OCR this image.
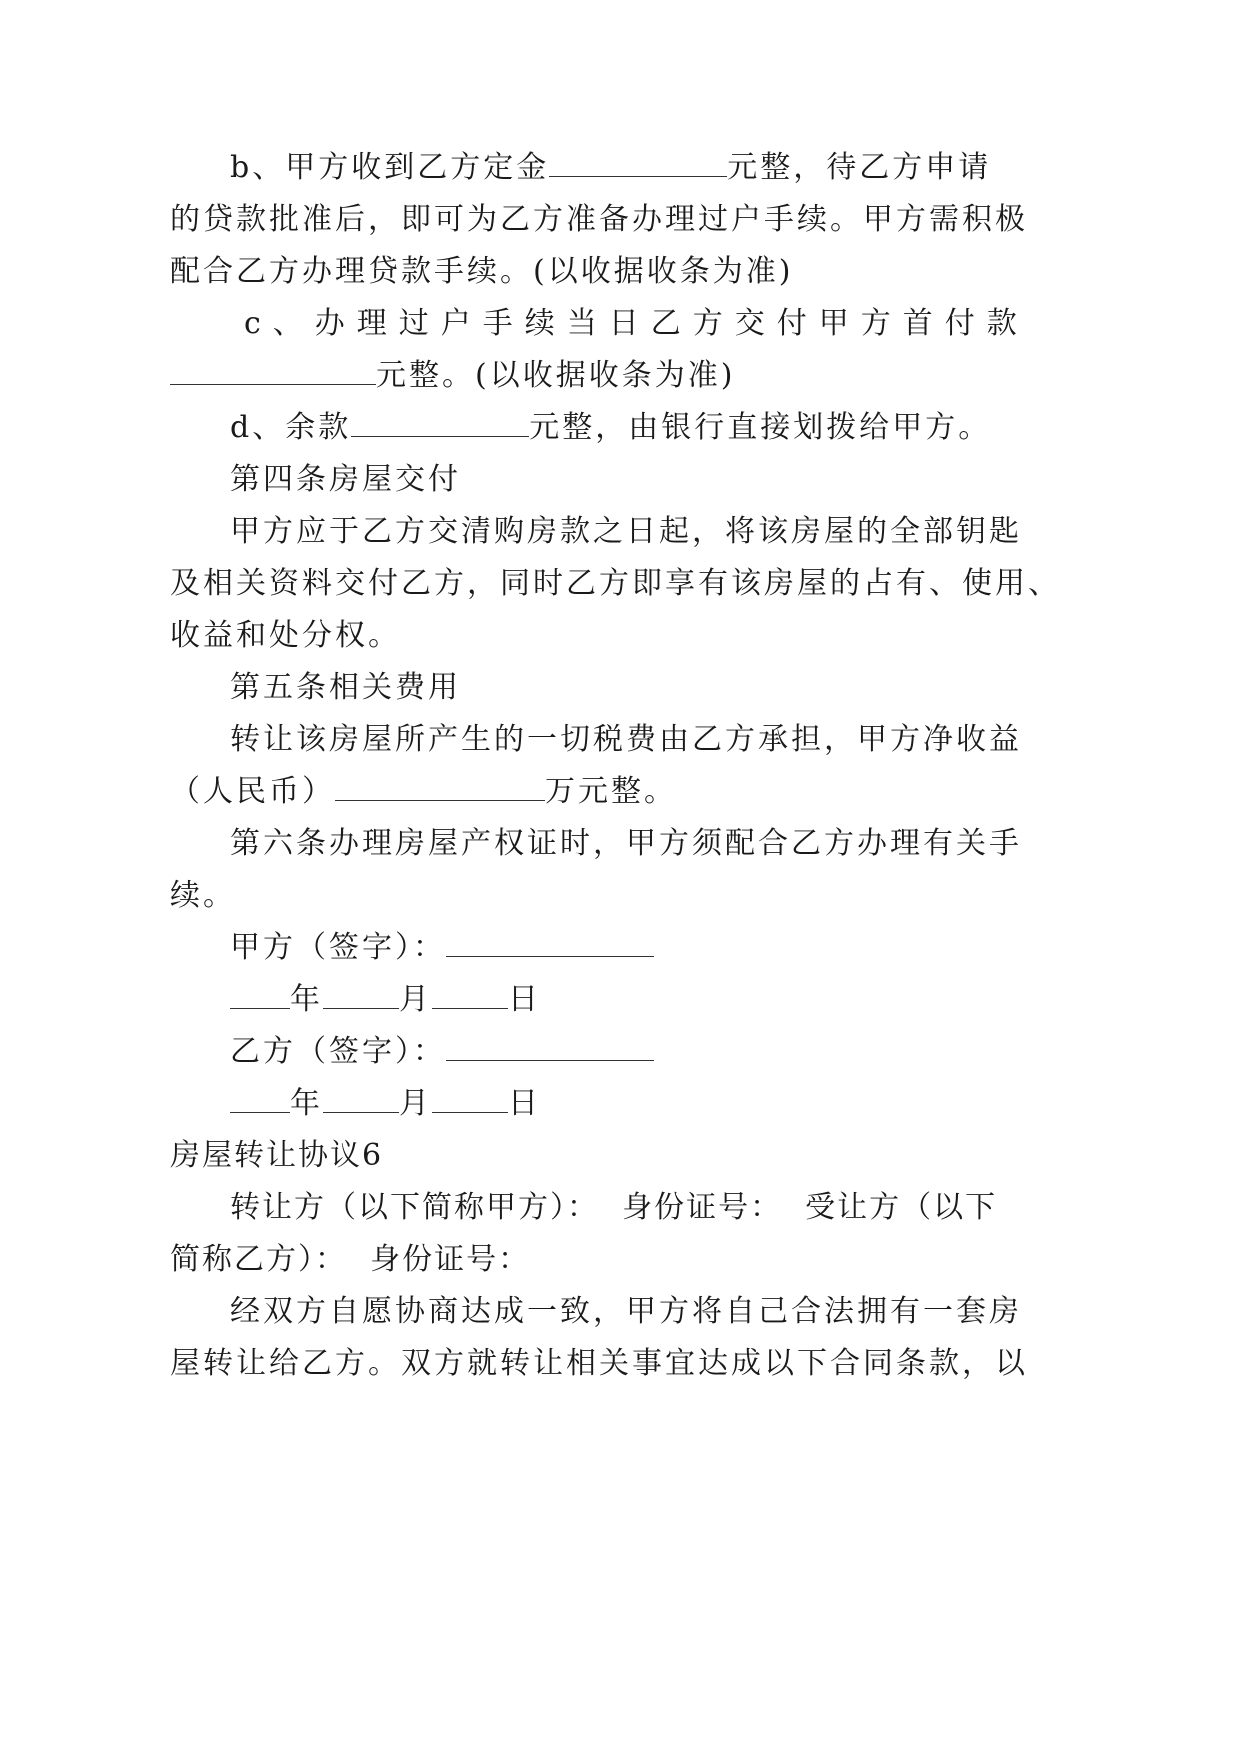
b、甲方收到乙方定金	元整，待乙方申请
的贷款批准后，即可为乙方准备办理过户手续。甲方需积极
配合乙方办理贷款手续。(以收据收条为准)
c、办理过户手续当日乙方交付甲方首付款
元整。(以收据收条为准)
d、余款	元整，由银行直接划拨给甲方。
第四条房屋交付
甲方应于乙方交清购房款之日起，将该房屋的全部钥匙
及相关资料交付乙方，同时乙方即享有该房屋的占有、使用、
收益和处分权。
第五条相关费用
转让该房屋所产生的一切税费由乙方承担，甲方净收益
（人民币）	万元整。
第六条办理房屋产权证时，甲方须配合乙方办理有关手
续。
甲方（签字）：
年	月	日
乙方（签字）：
年	月	日
房屋转让协议6
转让方（以下简称甲方）：  身份证号：  受让方（以下
简称乙方）：  身份证号：
经双方自愿协商达成一致，甲方将自己合法拥有一套房
屋转让给乙方。双方就转让相关事宜达成以下合同条款，以
